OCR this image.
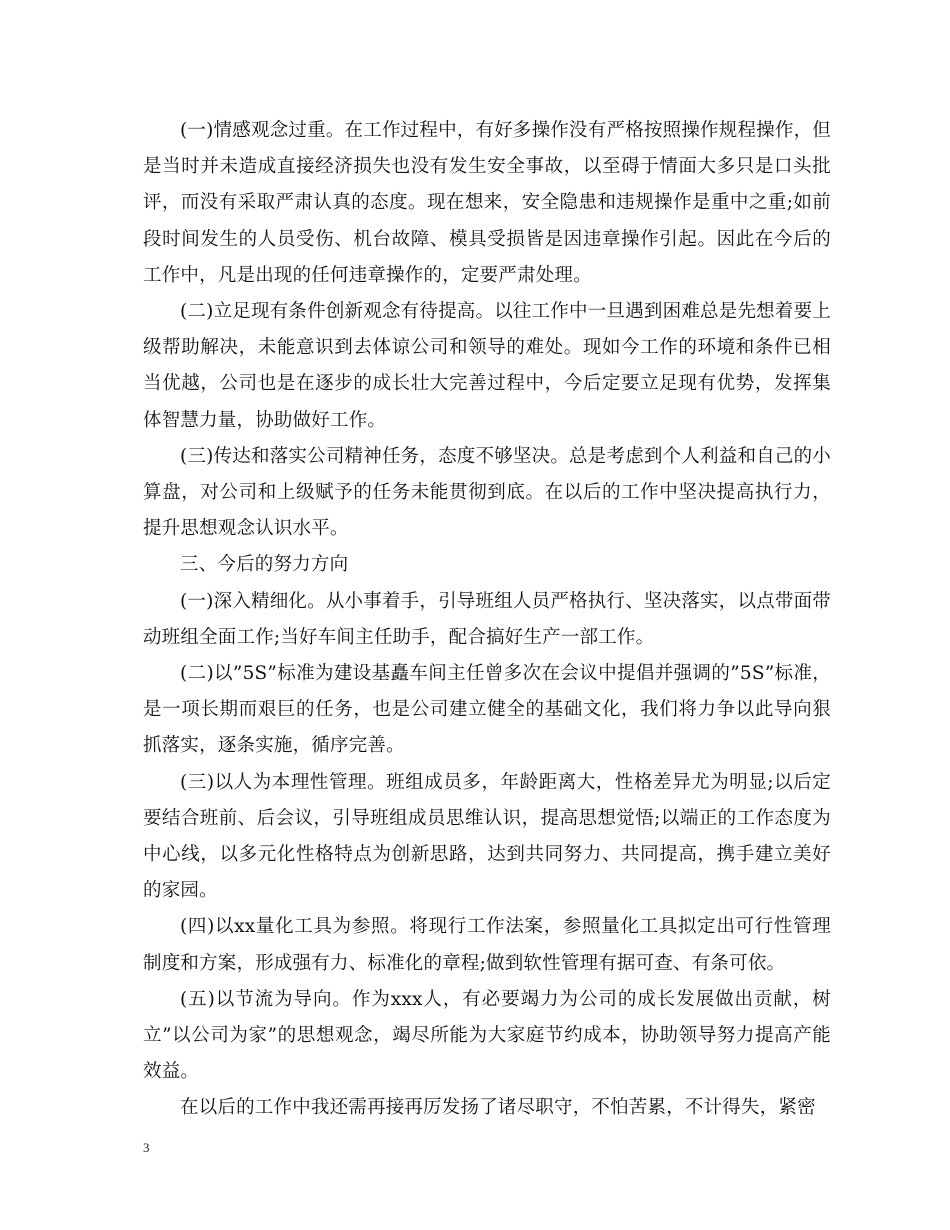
(一)情感观念过重。在工作过程中，有好多操作没有严格按照操作规程操作，但是当时并未造成直接经济损失也没有发生安全事故，以至碍于情面大多只是口头批评，而没有采取严肃认真的态度。现在想来，安全隐患和违规操作是重中之重;如前段时间发生的人员受伤、机台故障、模具受损皆是因违章操作引起。因此在今后的工作中，凡是出现的任何违章操作的，定要严肃处理。

(二)立足现有条件创新观念有待提高。以往工作中一旦遇到困难总是先想着要上级帮助解决，未能意识到去体谅公司和领导的难处。现如今工作的环境和条件已相当优越，公司也是在逐步的成长壮大完善过程中，今后定要立足现有优势，发挥集体智慧力量，协助做好工作。

(三)传达和落实公司精神任务，态度不够坚决。总是考虑到个人利益和自己的小算盘，对公司和上级赋予的任务未能贯彻到底。在以后的工作中坚决提高执行力，提升思想观念认识水平。

三、今后的努力方向

(一)深入精细化。从小事着手，引导班组人员严格执行、坚决落实，以点带面带动班组全面工作;当好车间主任助手，配合搞好生产一部工作。

(二)以”5S”标准为建设基矗车间主任曾多次在会议中提倡并强调的”5S”标准，是一项长期而艰巨的任务，也是公司建立健全的基础文化，我们将力争以此导向狠抓落实，逐条实施，循序完善。

(三)以人为本理性管理。班组成员多，年龄距离大，性格差异尤为明显;以后定要结合班前、后会议，引导班组成员思维认识，提高思想觉悟;以端正的工作态度为中心线，以多元化性格特点为创新思路，达到共同努力、共同提高，携手建立美好的家园。

(四)以xx量化工具为参照。将现行工作法案，参照量化工具拟定出可行性管理制度和方案，形成强有力、标准化的章程;做到软性管理有据可查、有条可依。

(五)以节流为导向。作为xxx人，有必要竭力为公司的成长发展做出贡献，树立”以公司为家”的思想观念，竭尽所能为大家庭节约成本，协助领导努力提高产能效益。

在以后的工作中我还需再接再厉发扬了诸尽职守，不怕苦累，不计得失，紧密

3
